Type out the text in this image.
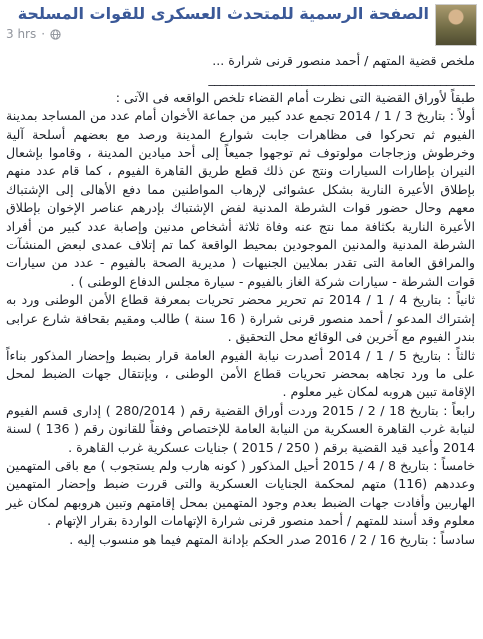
الصفحة الرسمية للمتحدث العسكرى للقوات المسلحة
3 hrs ·

ملخص قضية المتهم / أحمد منصور قرنى شرارة ...

______________________________________________

طبقاً لأوراق القضية التى نظرت أمام القضاء تلخص الواقعه فى الآتى :

أولاً : بتاريخ 3 / 1 / 2014 تجمع عدد كبير من جماعة الأخوان أمام عدد من المساجد بمدينة الفيوم ثم تحركوا فى مظاهرات جابت شوارع المدينة ورصد مع بعضهم أسلحة آلية وخرطوش وزجاجات مولوتوف ثم توجهوا جميعاً إلى أحد ميادين المدينة ، وقاموا بإشعال النيران بإطارات السيارات ونتج عن ذلك قطع طريق القاهرة الفيوم ، كما قام عدد منهم بإطلاق الأعيرة النارية بشكل عشوائى لإرهاب المواطنين مما دفع الأهالى إلى الإشتباك معهم وحال حضور قوات الشرطة المدنية لفض الإشتباك بإدرهم عناصر الإخوان بإطلاق الأعيرة النارية بكثافة مما نتج عنه وفاة ثلاثة أشخاص مدنين وإصابة عدد كبير من أفراد الشرطة المدنية والمدنين الموجودين بمحيط الواقعة كما تم إتلاف عمدى لبعض المنشآت والمرافق العامة التى تقدر بملايين الجنيهات ( مديرية الصحة بالفيوم - عدد من سيارات قوات الشرطة - سيارات شركة الغاز بالفيوم - سيارة مجلس الدفاع الوطنى ) .

ثانياً : بتاريخ 4 / 1 / 2014 تم تحرير محضر تحريات بمعرفة قطاع الأمن الوطنى ورد به إشتراك المدعو / أحمد منصور قرنى شرارة ( 16 سنة ) طالب ومقيم بقحافة شارع عرابى بندر الفيوم مع آخرين فى الوقائع محل التحقيق .

ثالثاً : بتاريخ 5 / 1 / 2014 أصدرت نيابة الفيوم العامة قرار بضبط وإحضار المذكور بناءاً على ما ورد تجاهه بمحضر تحريات قطاع الأمن الوطنى ، وبإنتقال جهات الضبط لمحل الإقامة تبين هروبه لمكان غير معلوم .

رابعاً : بتاريخ 18 / 2 / 2015 وردت أوراق القضية رقم ( 280/2014 ) إدارى قسم الفيوم لنيابة غرب القاهرة العسكرية من النيابة العامة للإختصاص وفقاً للقانون رقم ( 136 ) لسنة 2014 وأعيد قيد القضية برقم ( 250 / 2015 ) جنايات عسكرية غرب القاهرة .

خامساً : بتاريخ 8 / 4 / 2015 أحيل المذكور ( كونه هارب ولم يستجوب ) مع باقى المتهمين وعددهم (116) متهم لمحكمة الجنايات العسكرية والتى قررت ضبط وإحضار المتهمين الهاربين وأفادت جهات الضبط بعدم وجود المتهمين بمحل إقامتهم وتبين هروبهم لمكان غير معلوم وقد أسند للمتهم / أحمد منصور قرنى شرارة الإتهامات الواردة بقرار الإتهام .

سادساً : بتاريخ 16 / 2 / 2016 صدر الحكم بإدانة المتهم فيما هو منسوب إليه .
